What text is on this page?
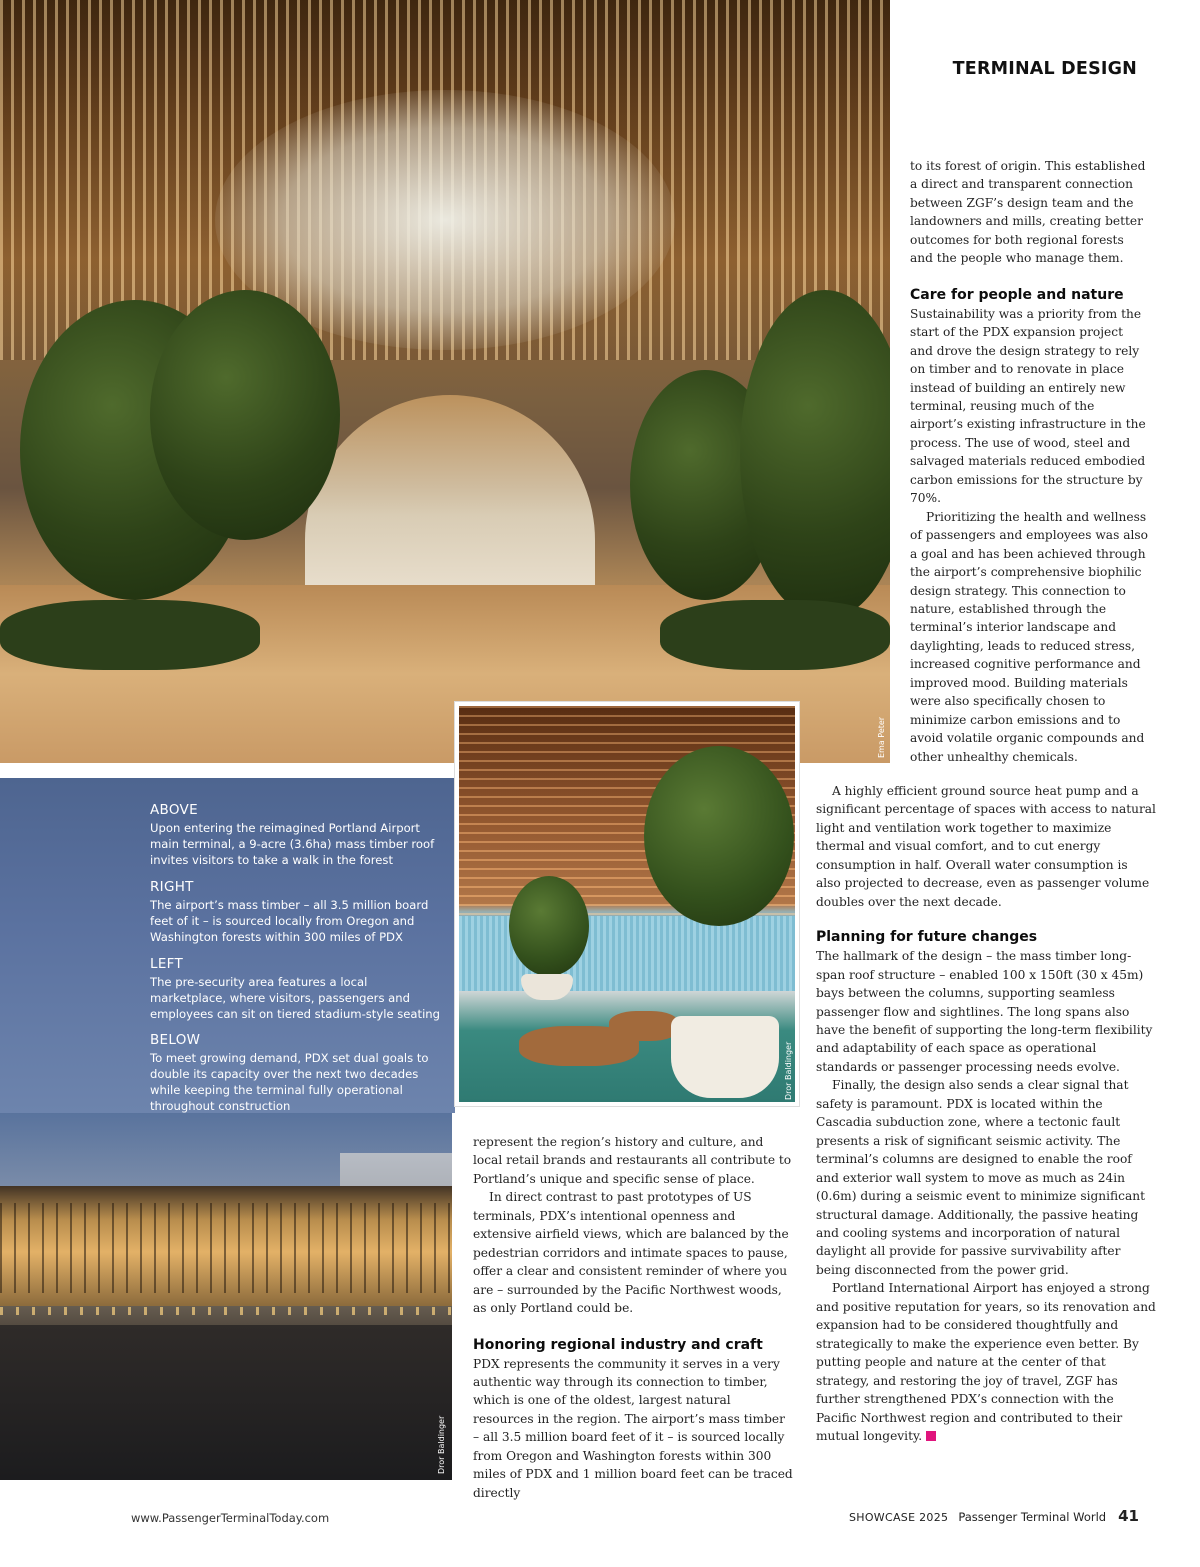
Ema Peter

ABOVE

Upon entering the reimagined Portland Airport main terminal, a 9-acre (3.6ha) mass timber roof invites visitors to take a walk in the forest

RIGHT

The airport’s mass timber – all 3.5 million board feet of it – is sourced locally from Oregon and Washington forests within 300 miles of PDX

LEFT

The pre-security area features a local marketplace, where visitors, passengers and employees can sit on tiered stadium-style seating

BELOW

To meet growing demand, PDX set dual goals to double its capacity over the next two decades while keeping the terminal fully operational throughout construction

Dror Baldinger
Dror Baldinger
TERMINAL DESIGN

to its forest of origin. This established a direct and transparent connection between ZGF’s design team and the landowners and mills, creating better outcomes for both regional forests and the people who manage them.

Care for people and nature

Sustainability was a priority from the start of the PDX expansion project and drove the design strategy to rely on timber and to renovate in place instead of building an entirely new terminal, reusing much of the airport’s existing infrastructure in the process. The use of wood, steel and salvaged materials reduced embodied carbon emissions for the structure by 70%.

Prioritizing the health and wellness of passengers and employees was also a goal and has been achieved through the airport’s comprehensive biophilic design strategy. This connection to nature, established through the terminal’s interior landscape and daylighting, leads to reduced stress, increased cognitive performance and improved mood. Building materials were also specifically chosen to minimize carbon emissions and to avoid volatile organic compounds and other unhealthy chemicals.

A highly efficient ground source heat pump and a significant percentage of spaces with access to natural light and ventilation work together to maximize thermal and visual comfort, and to cut energy consumption in half. Overall water consumption is also projected to decrease, even as passenger volume doubles over the next decade.

Planning for future changes

The hallmark of the design – the mass timber long-span roof structure – enabled 100 x 150ft (30 x 45m) bays between the columns, supporting seamless passenger flow and sightlines. The long spans also have the benefit of supporting the long-term flexibility and adaptability of each space as operational standards or passenger processing needs evolve.

Finally, the design also sends a clear signal that safety is paramount. PDX is located within the Cascadia subduction zone, where a tectonic fault presents a risk of significant seismic activity. The terminal’s columns are designed to enable the roof and exterior wall system to move as much as 24in (0.6m) during a seismic event to minimize significant structural damage. Additionally, the passive heating and cooling systems and incorporation of natural daylight all provide for passive survivability after being disconnected from the power grid.

Portland International Airport has enjoyed a strong and positive reputation for years, so its renovation and expansion had to be considered thoughtfully and strategically to make the experience even better. By putting people and nature at the center of that strategy, and restoring the joy of travel, ZGF has further strengthened PDX’s connection with the Pacific Northwest region and contributed to their mutual longevity.

represent the region’s history and culture, and local retail brands and restaurants all contribute to Portland’s unique and specific sense of place.

In direct contrast to past prototypes of US terminals, PDX’s intentional openness and extensive airfield views, which are balanced by the pedestrian corridors and intimate spaces to pause, offer a clear and consistent reminder of where you are – surrounded by the Pacific Northwest woods, as only Portland could be.

Honoring regional industry and craft

PDX represents the community it serves in a very authentic way through its connection to timber, which is one of the oldest, largest natural resources in the region. The airport’s mass timber – all 3.5 million board feet of it – is sourced locally from Oregon and Washington forests within 300 miles of PDX and 1 million board feet can be traced directly

www.PassengerTerminalToday.com	SHOWCASE 2025 Passenger Terminal World 41
